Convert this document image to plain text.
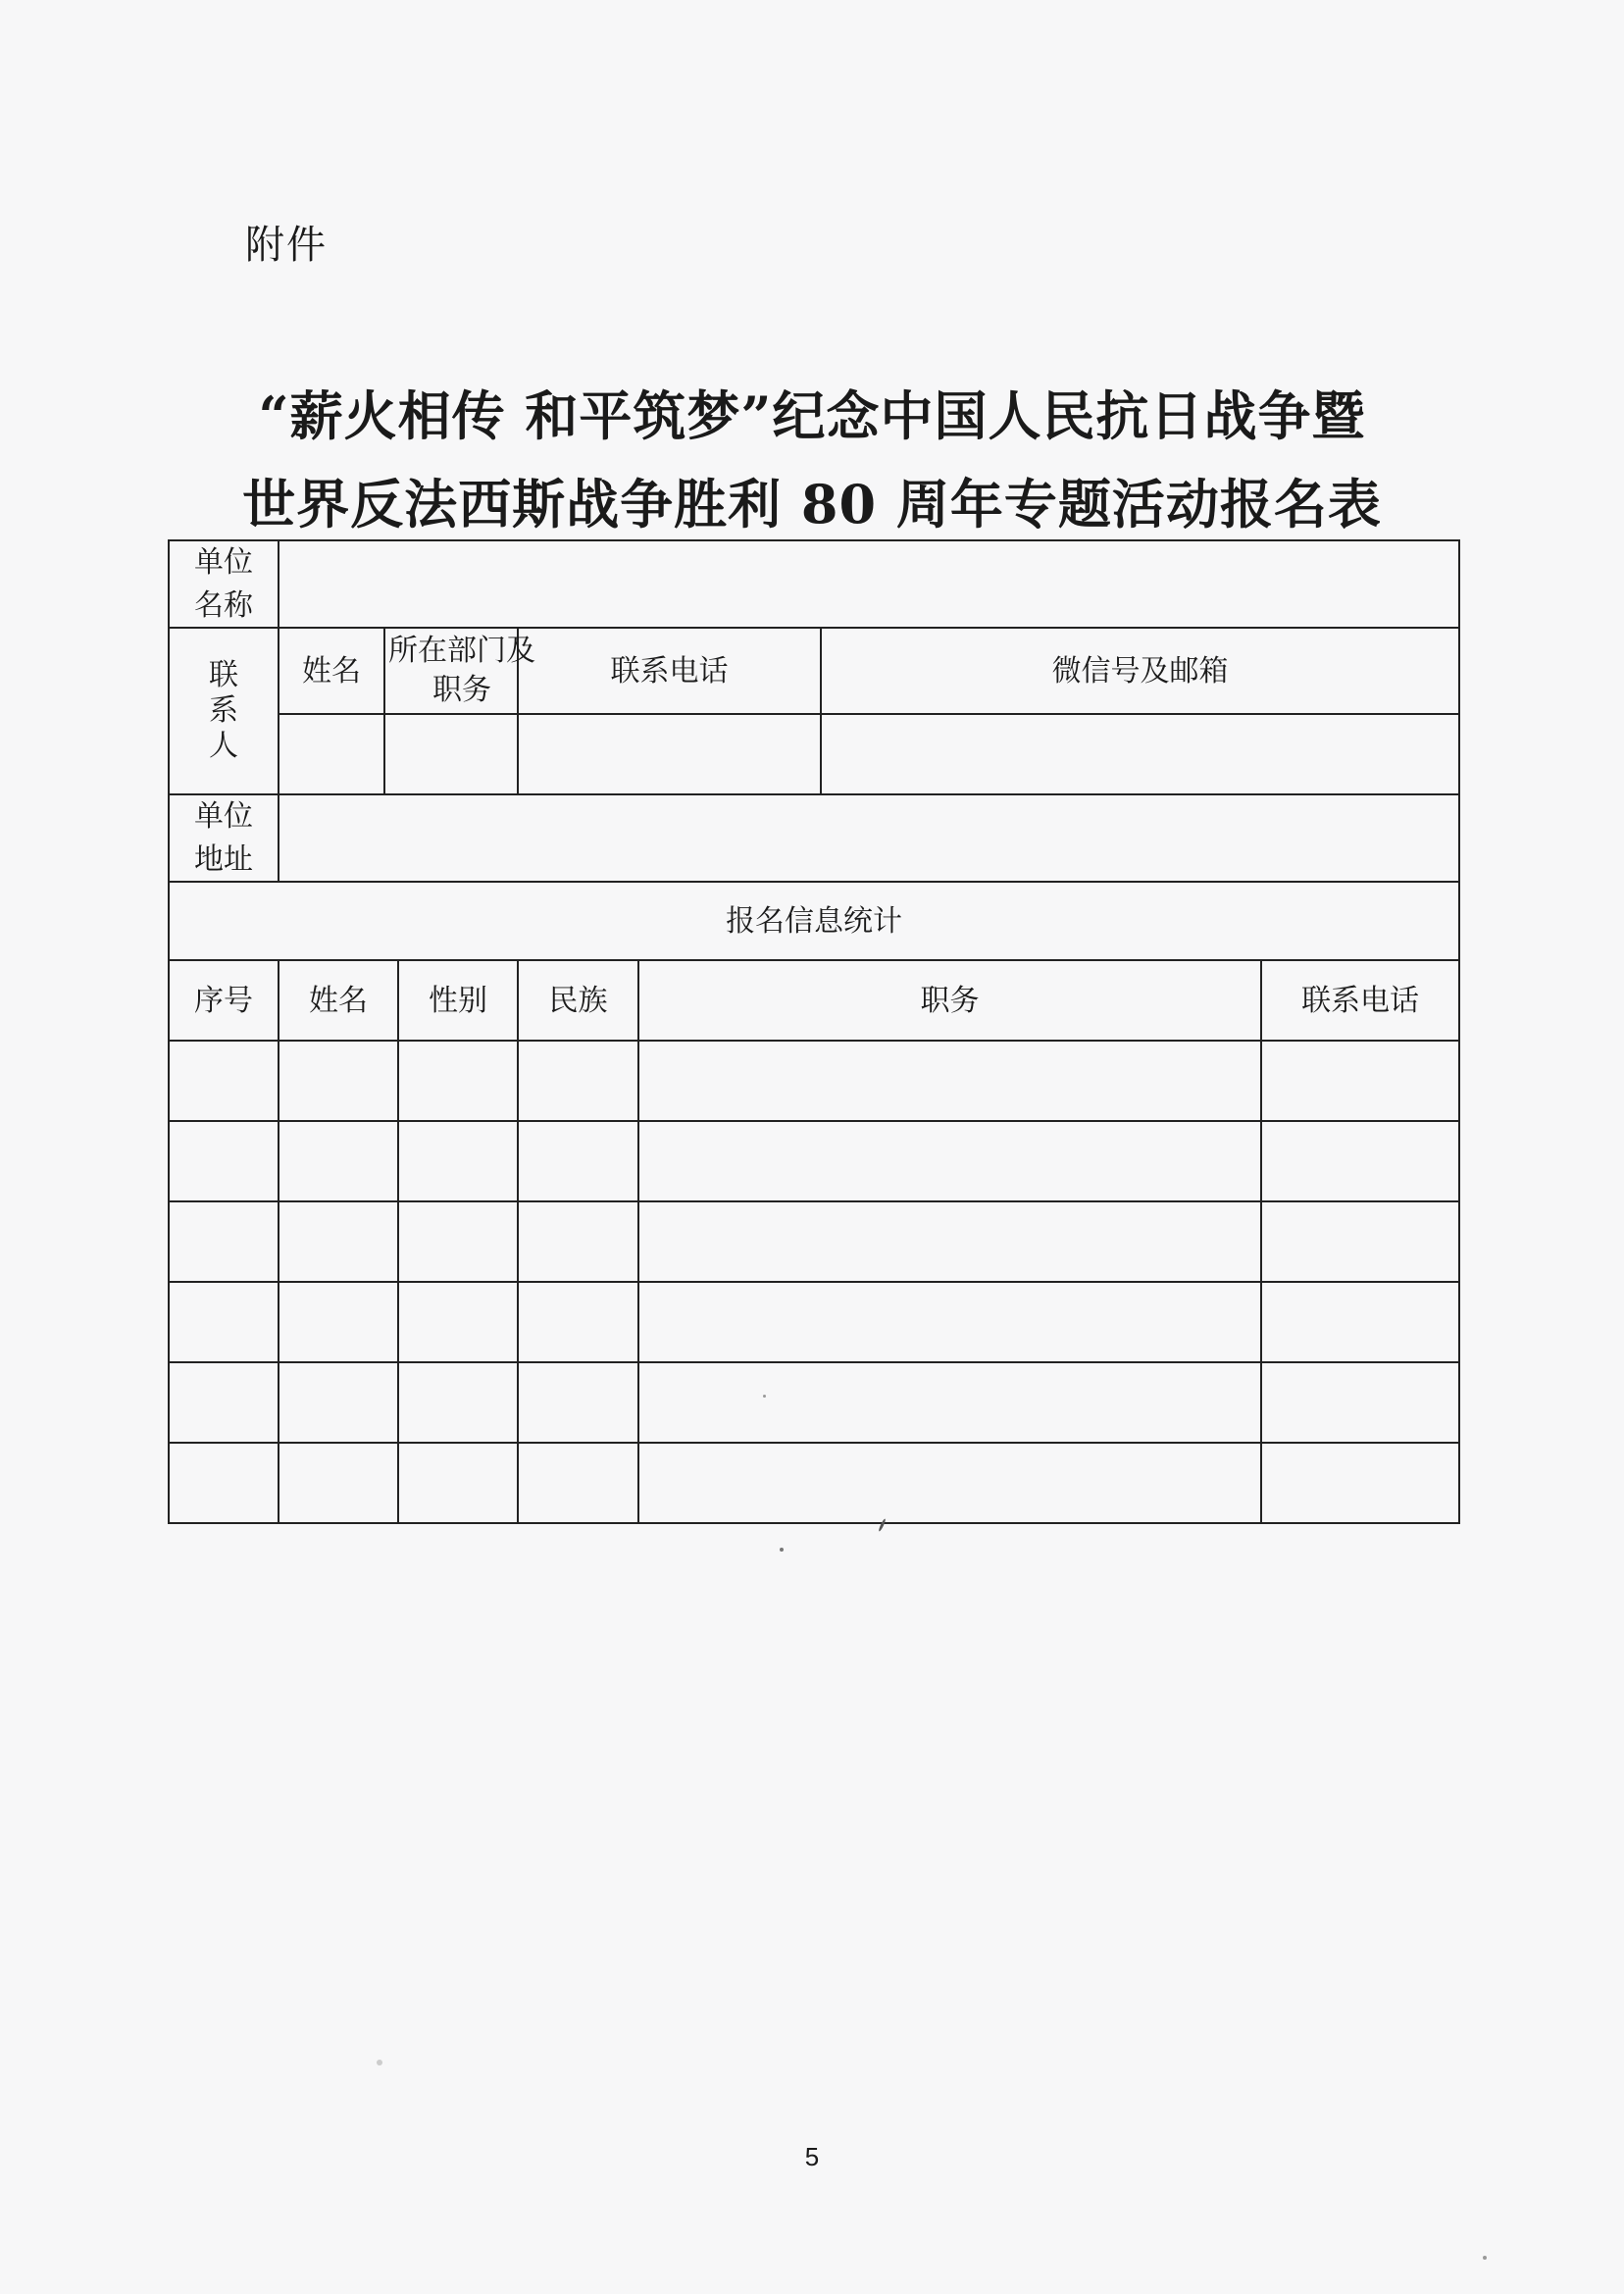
附件
“薪火相传 和平筑梦”纪念中国人民抗日战争暨
世界反法西斯战争胜利 80 周年专题活动报名表
单位名称							
联系人	姓名	所在部门及职务		联系电话		微信号及邮箱	

单位地址							
报名信息统计							
序号	姓名		性别	民族	职务		联系电话

5
